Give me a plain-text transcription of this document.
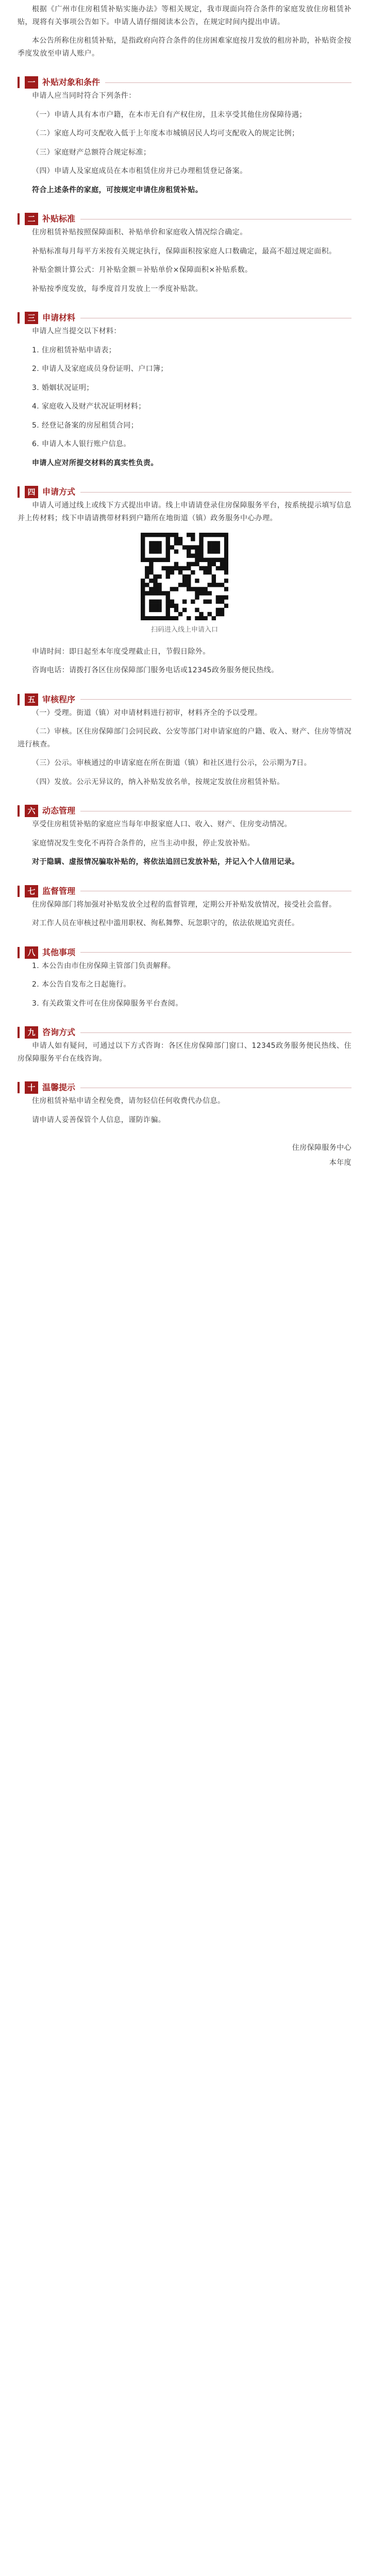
根据《广州市住房租赁补贴实施办法》等相关规定，我市现面向符合条件的家庭发放住房租赁补贴，现将有关事项公告如下。申请人请仔细阅读本公告，在规定时间内提出申请。

本公告所称住房租赁补贴，是指政府向符合条件的住房困难家庭按月发放的租房补助，补贴资金按季度发放至申请人账户。

一 补贴对象和条件

申请人应当同时符合下列条件：

（一）申请人具有本市户籍，在本市无自有产权住房，且未享受其他住房保障待遇；

（二）家庭人均可支配收入低于上年度本市城镇居民人均可支配收入的规定比例；

（三）家庭财产总额符合规定标准；

（四）申请人及家庭成员在本市租赁住房并已办理租赁登记备案。

符合上述条件的家庭，可按规定申请住房租赁补贴。

二 补贴标准

住房租赁补贴按照保障面积、补贴单价和家庭收入情况综合确定。

补贴标准每月每平方米按有关规定执行，保障面积按家庭人口数确定，最高不超过规定面积。

补贴金额计算公式：月补贴金额＝补贴单价×保障面积×补贴系数。

补贴按季度发放，每季度首月发放上一季度补贴款。

三 申请材料

申请人应当提交以下材料：

1. 住房租赁补贴申请表；

2. 申请人及家庭成员身份证明、户口簿；

3. 婚姻状况证明；

4. 家庭收入及财产状况证明材料；

5. 经登记备案的房屋租赁合同；

6. 申请人本人银行账户信息。

申请人应对所提交材料的真实性负责。

四 申请方式

申请人可通过线上或线下方式提出申请。线上申请请登录住房保障服务平台，按系统提示填写信息并上传材料；线下申请请携带材料到户籍所在地街道（镇）政务服务中心办理。

扫码进入线上申请入口

申请时间：即日起至本年度受理截止日，节假日除外。

咨询电话：请拨打各区住房保障部门服务电话或12345政务服务便民热线。

五 审核程序

（一）受理。街道（镇）对申请材料进行初审，材料齐全的予以受理。

（二）审核。区住房保障部门会同民政、公安等部门对申请家庭的户籍、收入、财产、住房等情况进行核查。

（三）公示。审核通过的申请家庭在所在街道（镇）和社区进行公示，公示期为7日。

（四）发放。公示无异议的，纳入补贴发放名单，按规定发放住房租赁补贴。

六 动态管理

享受住房租赁补贴的家庭应当每年申报家庭人口、收入、财产、住房变动情况。

家庭情况发生变化不再符合条件的，应当主动申报，停止发放补贴。

对于隐瞒、虚报情况骗取补贴的，将依法追回已发放补贴，并记入个人信用记录。

七 监督管理

住房保障部门将加强对补贴发放全过程的监督管理，定期公开补贴发放情况，接受社会监督。

对工作人员在审核过程中滥用职权、徇私舞弊、玩忽职守的，依法依规追究责任。

八 其他事项

1. 本公告由市住房保障主管部门负责解释。

2. 本公告自发布之日起施行。

3. 有关政策文件可在住房保障服务平台查阅。

九 咨询方式

申请人如有疑问，可通过以下方式咨询：各区住房保障部门窗口、12345政务服务便民热线、住房保障服务平台在线咨询。

十 温馨提示

住房租赁补贴申请全程免费，请勿轻信任何收费代办信息。

请申请人妥善保管个人信息，谨防诈骗。

住房保障服务中心

本年度
